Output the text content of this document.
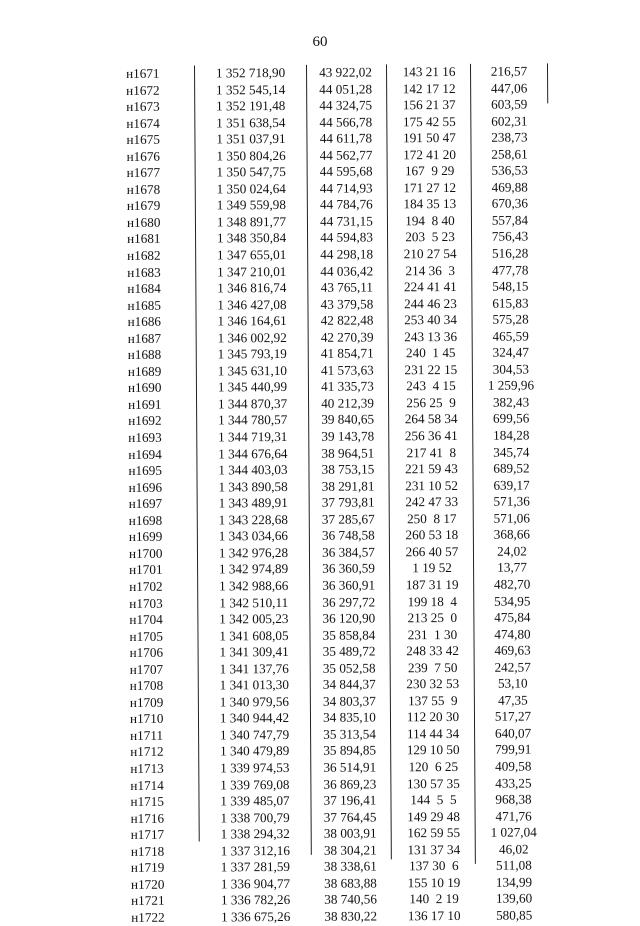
60
н1671	1 352 718,90	43 922,02	143 21 16	216,57
н1672	1 352 545,14	44 051,28	142 17 12	447,06
н1673	1 352 191,48	44 324,75	156 21 37	603,59
н1674	1 351 638,54	44 566,78	175 42 55	602,31
н1675	1 351 037,91	44 611,78	191 50 47	238,73
н1676	1 350 804,26	44 562,77	172 41 20	258,61
н1677	1 350 547,75	44 595,68	167  9 29	536,53
н1678	1 350 024,64	44 714,93	171 27 12	469,88
н1679	1 349 559,98	44 784,76	184 35 13	670,36
н1680	1 348 891,77	44 731,15	194  8 40	557,84
н1681	1 348 350,84	44 594,83	203  5 23	756,43
н1682	1 347 655,01	44 298,18	210 27 54	516,28
н1683	1 347 210,01	44 036,42	214 36  3	477,78
н1684	1 346 816,74	43 765,11	224 41 41	548,15
н1685	1 346 427,08	43 379,58	244 46 23	615,83
н1686	1 346 164,61	42 822,48	253 40 34	575,28
н1687	1 346 002,92	42 270,39	243 13 36	465,59
н1688	1 345 793,19	41 854,71	240  1 45	324,47
н1689	1 345 631,10	41 573,63	231 22 15	304,53
н1690	1 345 440,99	41 335,73	243  4 15	1 259,96
н1691	1 344 870,37	40 212,39	256 25  9	382,43
н1692	1 344 780,57	39 840,65	264 58 34	699,56
н1693	1 344 719,31	39 143,78	256 36 41	184,28
н1694	1 344 676,64	38 964,51	217 41  8	345,74
н1695	1 344 403,03	38 753,15	221 59 43	689,52
н1696	1 343 890,58	38 291,81	231 10 52	639,17
н1697	1 343 489,91	37 793,81	242 47 33	571,36
н1698	1 343 228,68	37 285,67	250  8 17	571,06
н1699	1 343 034,66	36 748,58	260 53 18	368,66
н1700	1 342 976,28	36 384,57	266 40 57	24,02
н1701	1 342 974,89	36 360,59	1 19 52	13,77
н1702	1 342 988,66	36 360,91	187 31 19	482,70
н1703	1 342 510,11	36 297,72	199 18  4	534,95
н1704	1 342 005,23	36 120,90	213 25  0	475,84
н1705	1 341 608,05	35 858,84	231  1 30	474,80
н1706	1 341 309,41	35 489,72	248 33 42	469,63
н1707	1 341 137,76	35 052,58	239  7 50	242,57
н1708	1 341 013,30	34 844,37	230 32 53	53,10
н1709	1 340 979,56	34 803,37	137 55  9	47,35
н1710	1 340 944,42	34 835,10	112 20 30	517,27
н1711	1 340 747,79	35 313,54	114 44 34	640,07
н1712	1 340 479,89	35 894,85	129 10 50	799,91
н1713	1 339 974,53	36 514,91	120  6 25	409,58
н1714	1 339 769,08	36 869,23	130 57 35	433,25
н1715	1 339 485,07	37 196,41	144  5  5	968,38
н1716	1 338 700,79	37 764,45	149 29 48	471,76
н1717	1 338 294,32	38 003,91	162 59 55	1 027,04
н1718	1 337 312,16	38 304,21	131 37 34	46,02
н1719	1 337 281,59	38 338,61	137 30  6	511,08
н1720	1 336 904,77	38 683,88	155 10 19	134,99
н1721	1 336 782,26	38 740,56	140  2 19	139,60
н1722	1 336 675,26	38 830,22	136 17 10	580,85
